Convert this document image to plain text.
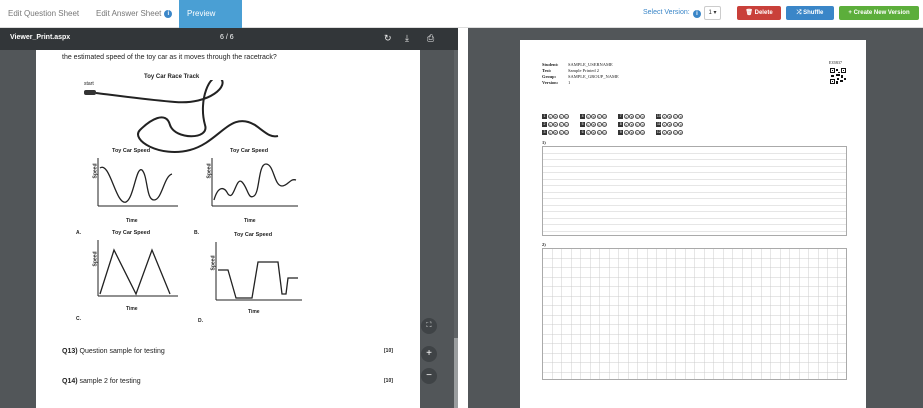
Edit Question Sheet	Edit Answer Sheet i	Preview	Select Version:	i	1 ▾	🗑 Delete	⤮ Shuffle	+ Create New Version
Viewer_Print.aspx	6 / 6	↻ ⤓ ⎙
the estimated speed of the toy car as it moves through the racetrack?
Toy Car Race Track
start
Toy Car Speed
Speed
Time
A.
Toy Car Speed
Speed
Time
B.
Toy Car Speed
Speed
Time
C.
Toy Car Speed
Speed
Time
D.
Q13) Question sample for testing	[10]
Q14) sample 2 for testing	[10]
⛶
+
−
Student: SAMPLE_USERNAME
Test:	Sample Printed 2
Group:	SAMPLE_GROUP_NAME
Version: 1
E35B37
1 A B C D	4 A B C D	7 A B C D	10 A B C D
2 A B C D	5 A B C D	8 A B C D	11 A B C D
3 A B C D	6 A B C D	9 A B C D	12 A B C D
1)
2)
